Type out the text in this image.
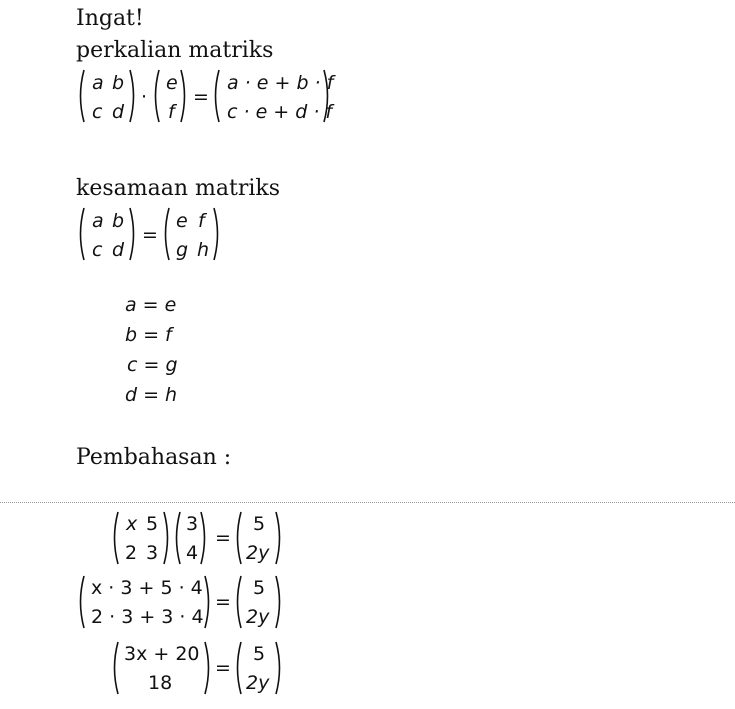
Ingat!
perkalian matriks
kesamaan matriks
Pembahasan :
a b
c d
·
e
f
=
a · e + b · f
c · e + d · f
a b
c d
=
e f
g h
a = e
b = f
c = g
d = h
x 5
2 3
3
4
=
5
2y
x · 3 + 5 · 4
2 · 3 + 3 · 4
=
5
2y
3x + 20
18
=
5
2y
